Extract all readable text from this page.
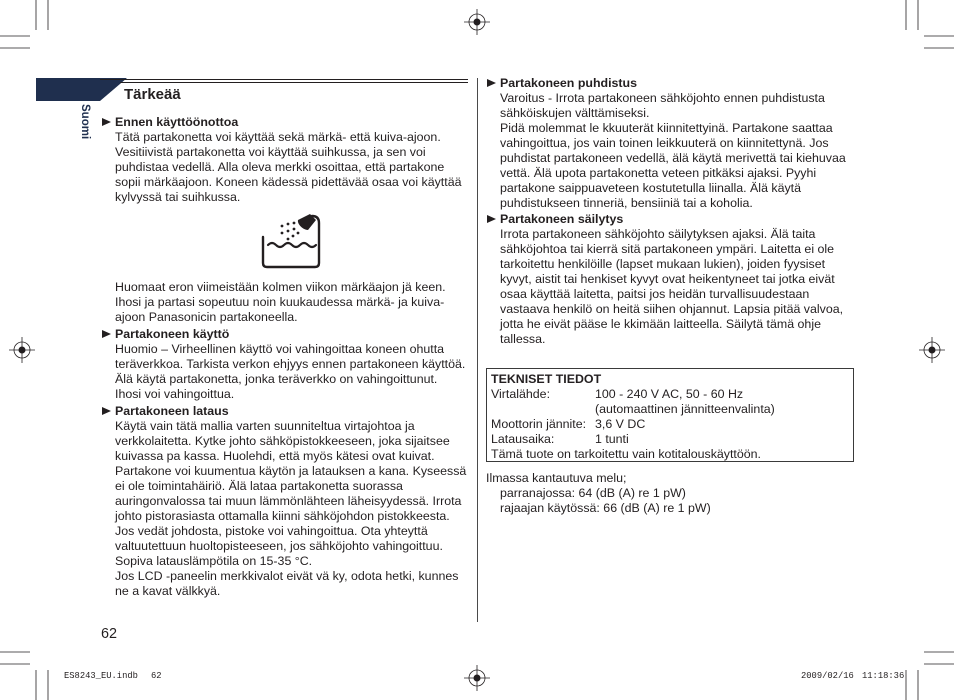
Tärkeää
Suomi Ennen käyttöönottoa
Tätä partakonetta voi käyttää sekä märkä- että kuiva-ajoon.
Vesitiivistä partakonetta voi käyttää suihkussa, ja sen voi
puhdistaa vedellä. Alla oleva merkki osoittaa, että partakone
sopii märkäajoon. Koneen kädessä pidettävää osaa voi käyttää
kylvyssä tai suihkussa.
Huomaat eron viimeistään kolmen viikon märkäajon jä keen.
Ihosi ja partasi sopeutuu noin kuukaudessa märkä- ja kuiva-
ajoon Panasonicin partakoneella.
Partakoneen käyttö
Huomio – Virheellinen käyttö voi vahingoittaa koneen ohutta
teräverkkoa. Tarkista verkon ehjyys ennen partakoneen käyttöä.
Älä käytä partakonetta, jonka teräverkko on vahingoittunut.
Ihosi voi vahingoittua.
Partakoneen lataus
Käytä vain tätä mallia varten suunniteltua virtajohtoa ja
verkkolaitetta. Kytke johto sähköpistokkeeseen, joka sijaitsee
kuivassa pa kassa. Huolehdi, että myös kätesi ovat kuivat.
Partakone voi kuumentua käytön ja latauksen a kana. Kyseessä
ei ole toimintahäiriö. Älä lataa partakonetta suorassa
auringonvalossa tai muun lämmönlähteen läheisyydessä. Irrota
johto pistorasiasta ottamalla kiinni sähköjohdon pistokkeesta.
Jos vedät johdosta, pistoke voi vahingoittua. Ota yhteyttä
valtuutettuun huoltopisteeseen, jos sähköjohto vahingoittuu.
Sopiva latauslämpötila on 15-35 °C.
Jos LCD -paneelin merkkivalot eivät vä ky, odota hetki, kunnes
ne a kavat välkkyä.
Partakoneen puhdistus
Varoitus - Irrota partakoneen sähköjohto ennen puhdistusta
sähköiskujen välttämiseksi.
Pidä molemmat le kkuuterät kiinnitettyinä. Partakone saattaa
vahingoittua, jos vain toinen leikkuuterä on kiinnitettynä. Jos
puhdistat partakoneen vedellä, älä käytä merivettä tai kiehuvaa
vettä. Älä upota partakonetta veteen pitkäksi ajaksi. Pyyhi
partakone saippuaveteen kostutetulla liinalla. Älä käytä
puhdistukseen tinneriä, bensiiniä tai a koholia.
Partakoneen säilytys
Irrota partakoneen sähköjohto säilytyksen ajaksi. Älä taita
sähköjohtoa tai kierrä sitä partakoneen ympäri. Laitetta ei ole
tarkoitettu henkilöille (lapset mukaan lukien), joiden fyysiset
kyvyt, aistit tai henkiset kyvyt ovat heikentyneet tai jotka eivät
osaa käyttää laitetta, paitsi jos heidän turvallisuudestaan
vastaava henkilö on heitä siihen ohjannut. Lapsia pitää valvoa,
jotta he eivät pääse le kkimään laitteella. Säilytä tämä ohje
tallessa.
TEKNISET TIEDOT
Virtalähde:	100 - 240 V AC, 50 - 60 Hz
(automaattinen jännitteenvalinta)
Moottorin jännite: 3,6 V DC
Latausaika:	1 tunti
Tämä tuote on tarkoitettu vain kotitalouskäyttöön.
Ilmassa kantautuva melu;
parranajossa: 64 (dB (A) re 1 pW)
rajaajan käytössä: 66 (dB (A) re 1 pW)
62
ES8243_EU.indb 62	2009/02/16 11:18:36
